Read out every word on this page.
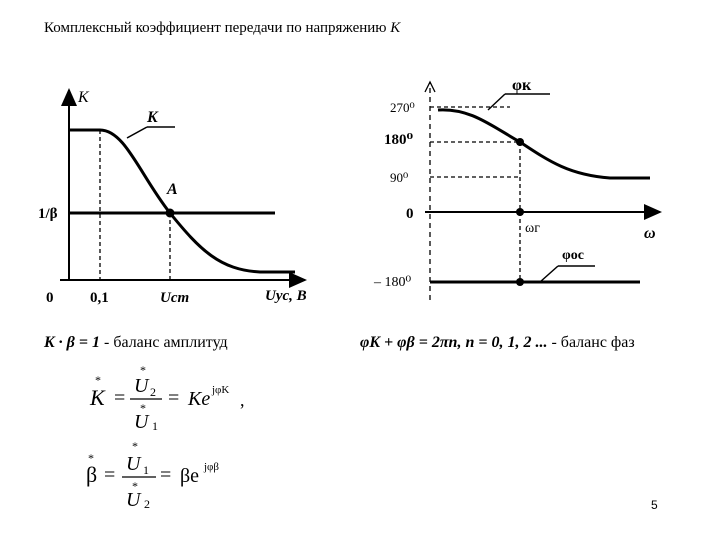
Комплексный коэффициент передачи по напряжению K
K
1/β
K
A
0 0,1	Uст	Uус, B
270⁰
180⁰
90⁰
0
φк
ωг	ω
– 180⁰
φос
K · β = 1 - баланс амплитуд	φK + φβ = 2πn, n = 0, 1, 2 ... - баланс фаз
*
K =
*
U 2
*
U 1
= Ke jφK ,
*
β =
*
U 1
*
U 2
= βe jφβ
5
